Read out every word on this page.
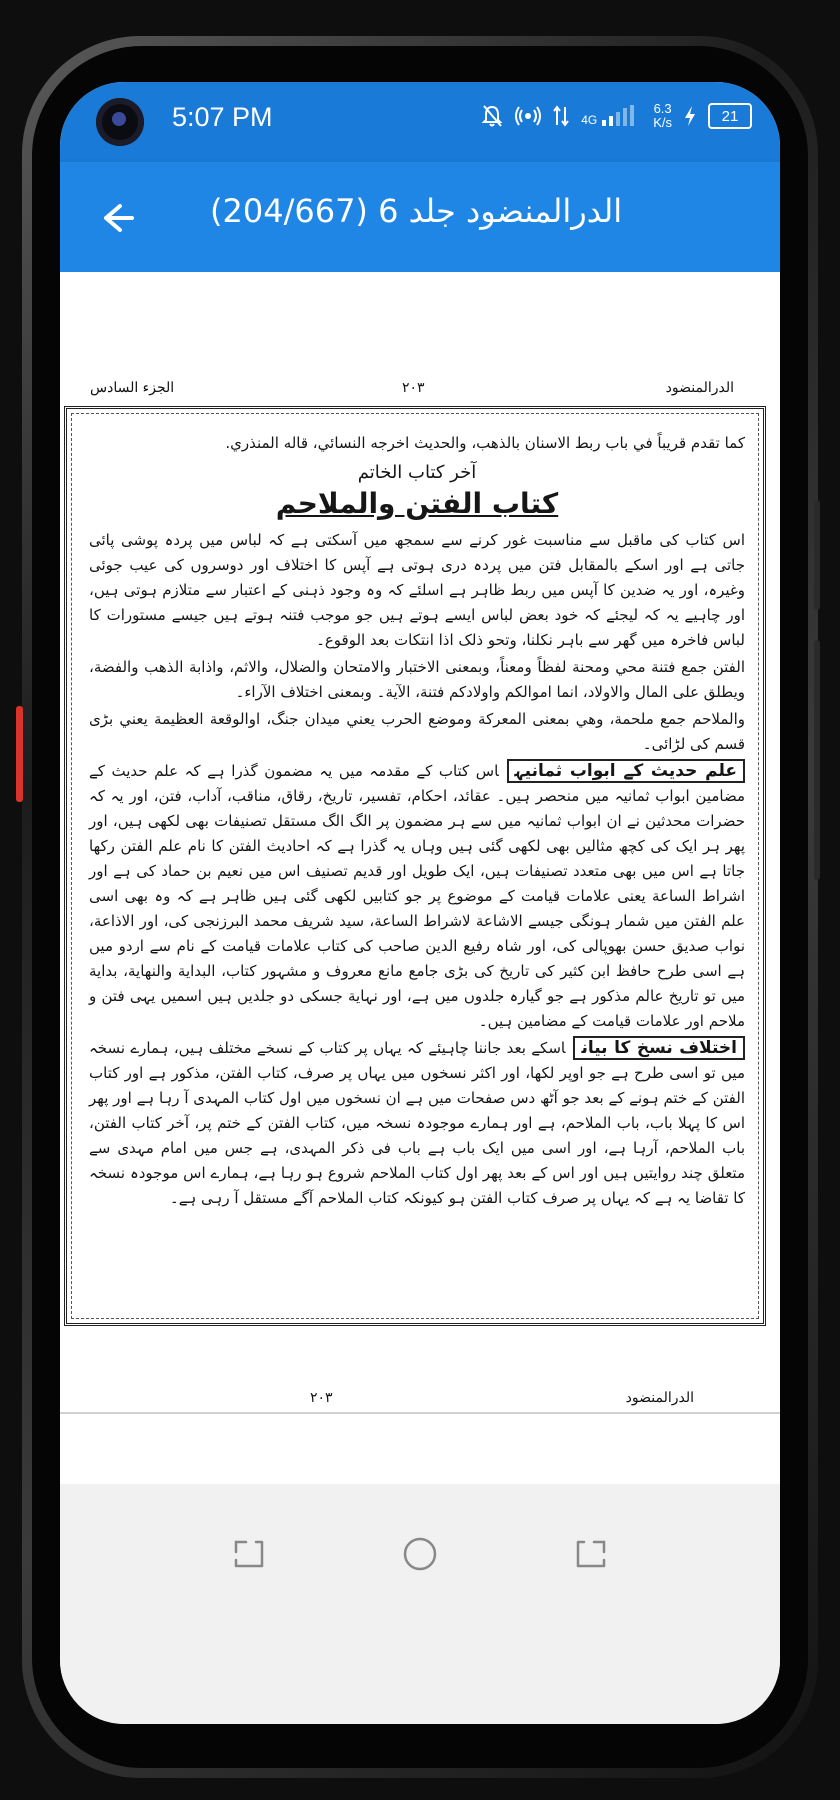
5:07 PM	4G
6.3
K/s	21
الدرالمنضود جلد 6 (204/667)
الجزء السادس	٢٠٣	الدرالمنضود

كما تقدم قريباً في باب ربط الاسنان بالذهب، والحديث اخرجه النسائي، قاله المنذري.

آخر كتاب الخاتم

كتاب الفتن والملاحم

اس کتاب کی ماقبل سے مناسبت غور کرنے سے سمجھ میں آسکتی ہے کہ لباس میں پردہ پوشی پائی جاتی ہے اور اسکے بالمقابل فتن میں پردہ دری ہوتی ہے آپس کا اختلاف اور دوسروں کی عیب جوئی وغیرہ، اور یہ ضدین کا آپس میں ربط ظاہر ہے اسلئے کہ وہ وجود ذہنی کے اعتبار سے متلازم ہوتی ہیں، اور چاہیے یہ کہ لیجئے کہ خود بعض لباس ایسے ہوتے ہیں جو موجب فتنہ ہوتے ہیں جیسے مستورات کا لباس فاخرہ میں گھر سے باہر نکلنا، وتحو ذلک اذا انتکات بعد الوقوع۔

الفتن جمع فتنة محي ومحنة لفظاً ومعناً، وبمعنى الاختبار والامتحان والضلال، والاثم، واذابة الذهب والفضة، ويطلق على المال والاولاد، انما اموالكم واولادكم فتنة، الآية۔ وبمعنى اختلاف الآراء۔

والملاحم جمع ملحمة، وهي بمعنى المعركة وموضع الحرب يعني ميدان جنگ، اوالوقعة العظيمة يعني بڑی قسم کی لڑائی۔

علم حدیث کے ابواب ثمانیہاس کتاب کے مقدمہ میں یہ مضمون گذرا ہے کہ علم حدیث کے مضامین ابواب ثمانیہ میں منحصر ہیں۔ عقائد، احکام، تفسیر، تاریخ، رقاق، مناقب، آداب، فتن، اور یہ کہ حضرات محدثین نے ان ابواب ثمانیہ میں سے ہر مضمون پر الگ الگ مستقل تصنیفات بھی لکھی ہیں، اور پھر ہر ایک کی کچھ مثالیں بھی لکھی گئی ہیں وہاں یہ گذرا ہے کہ احادیث الفتن کا نام علم الفتن رکھا جاتا ہے اس میں بھی متعدد تصنیفات ہیں، ایک طویل اور قدیم تصنیف اس میں نعیم بن حماد کی ہے اور اشراط الساعة یعنی علامات قیامت کے موضوع پر جو کتابیں لکھی گئی ہیں ظاہر ہے کہ وہ بھی اسی علم الفتن میں شمار ہونگی جیسے الاشاعة لاشراط الساعة، سید شریف محمد البرزنجی کی، اور الاذاعة، نواب صدیق حسن بھوپالی کی، اور شاہ رفیع الدین صاحب کی کتاب علامات قیامت کے نام سے اردو میں ہے اسی طرح حافظ ابن کثیر کی تاریخ کی بڑی جامع مانع معروف و مشہور کتاب، البدایة والنهایة، بدایة میں تو تاریخ عالم مذکور ہے جو گیارہ جلدوں میں ہے، اور نہایة جسکی دو جلدیں ہیں اسمیں یہی فتن و ملاحم اور علامات قیامت کے مضامین ہیں۔

اختلاف نسخ کا بیاناسکے بعد جاننا چاہیئے کہ یہاں پر کتاب کے نسخے مختلف ہیں، ہمارے نسخہ میں تو اسی طرح ہے جو اوپر لکھا، اور اکثر نسخوں میں یہاں پر صرف، کتاب الفتن، مذکور ہے اور کتاب الفتن کے ختم ہونے کے بعد جو آٹھ دس صفحات میں ہے ان نسخوں میں اول کتاب المہدی آ رہا ہے اور پھر اس کا پہلا باب، باب الملاحم، ہے اور ہمارے موجودہ نسخہ میں، کتاب الفتن کے ختم پر، آخر کتاب الفتن، باب الملاحم، آرہا ہے، اور اسی میں ایک باب ہے باب فی ذکر المہدی، ہے جس میں امام مہدی سے متعلق چند روایتیں ہیں اور اس کے بعد پھر اول کتاب الملاحم شروع ہو رہا ہے، ہمارے اس موجودہ نسخہ کا تقاضا یہ ہے کہ یہاں پر صرف کتاب الفتن ہو کیونکہ کتاب الملاحم آگے مستقل آ رہی ہے۔

٢٠٣	الدرالمنضود
